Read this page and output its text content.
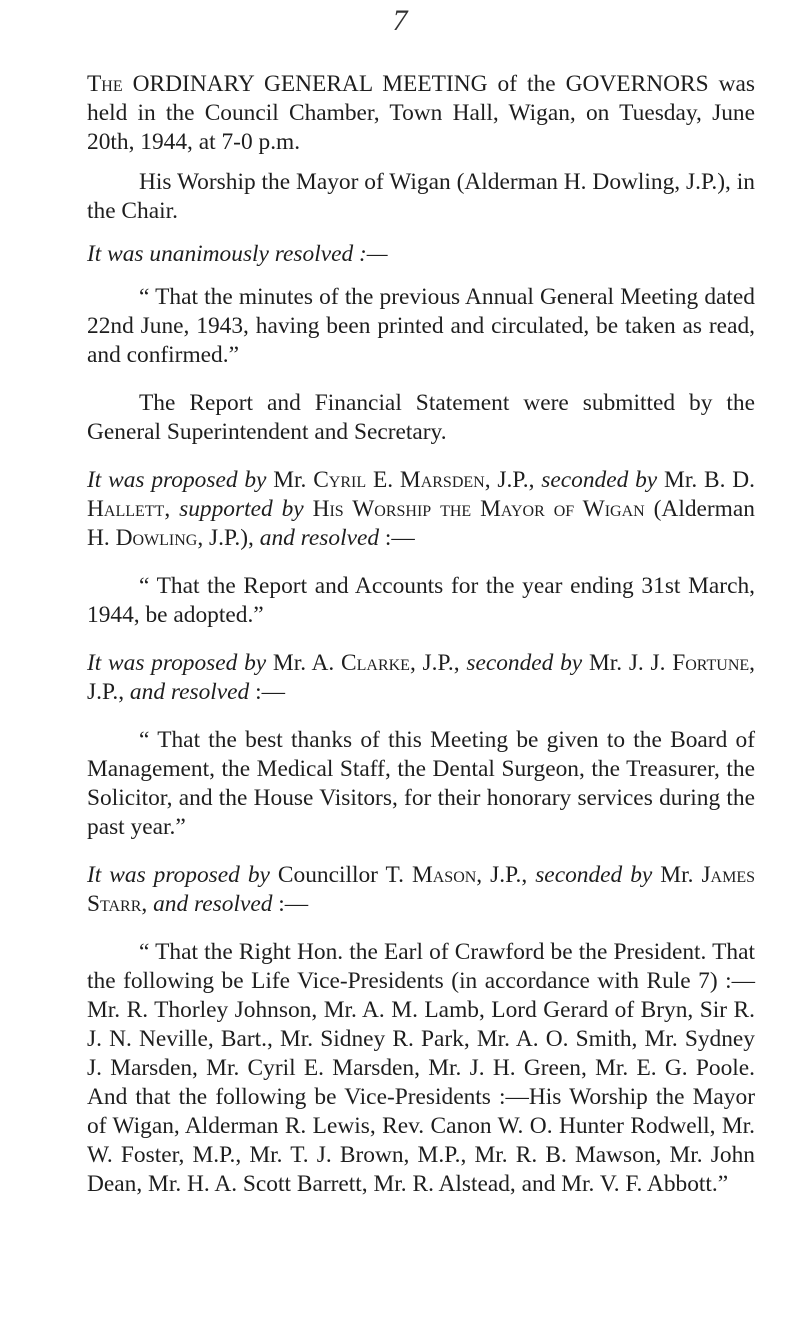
7

The ORDINARY GENERAL MEETING of the GOVERNORS was held in the Council Chamber, Town Hall, Wigan, on Tuesday, June 20th, 1944, at 7-0 p.m.

His Worship the Mayor of Wigan (Alderman H. Dowling, J.P.), in the Chair.

It was unanimously resolved :—

“ That the minutes of the previous Annual General Meeting dated 22nd June, 1943, having been printed and circulated, be taken as read, and confirmed.”

The Report and Financial Statement were submitted by the General Superintendent and Secretary.

It was proposed by Mr. Cyril E. Marsden, J.P., seconded by Mr. B. D. Hallett, supported by His Worship the Mayor of Wigan (Alderman H. Dowling, J.P.), and resolved :—

“ That the Report and Accounts for the year ending 31st March, 1944, be adopted.”

It was proposed by Mr. A. Clarke, J.P., seconded by Mr. J. J. Fortune, J.P., and resolved :—

“ That the best thanks of this Meeting be given to the Board of Management, the Medical Staff, the Dental Surgeon, the Treasurer, the Solicitor, and the House Visitors, for their honorary services during the past year.”

It was proposed by Councillor T. Mason, J.P., seconded by Mr. James Starr, and resolved :—

“ That the Right Hon. the Earl of Crawford be the President. That the following be Life Vice-Presidents (in accordance with Rule 7) :—Mr. R. Thorley Johnson, Mr. A. M. Lamb, Lord Gerard of Bryn, Sir R. J. N. Neville, Bart., Mr. Sidney R. Park, Mr. A. O. Smith, Mr. Sydney J. Marsden, Mr. Cyril E. Marsden, Mr. J. H. Green, Mr. E. G. Poole. And that the following be Vice-Presidents :—His Worship the Mayor of Wigan, Alderman R. Lewis, Rev. Canon W. O. Hunter Rodwell, Mr. W. Foster, M.P., Mr. T. J. Brown, M.P., Mr. R. B. Mawson, Mr. John Dean, Mr. H. A. Scott Barrett, Mr. R. Alstead, and Mr. V. F. Abbott.”
